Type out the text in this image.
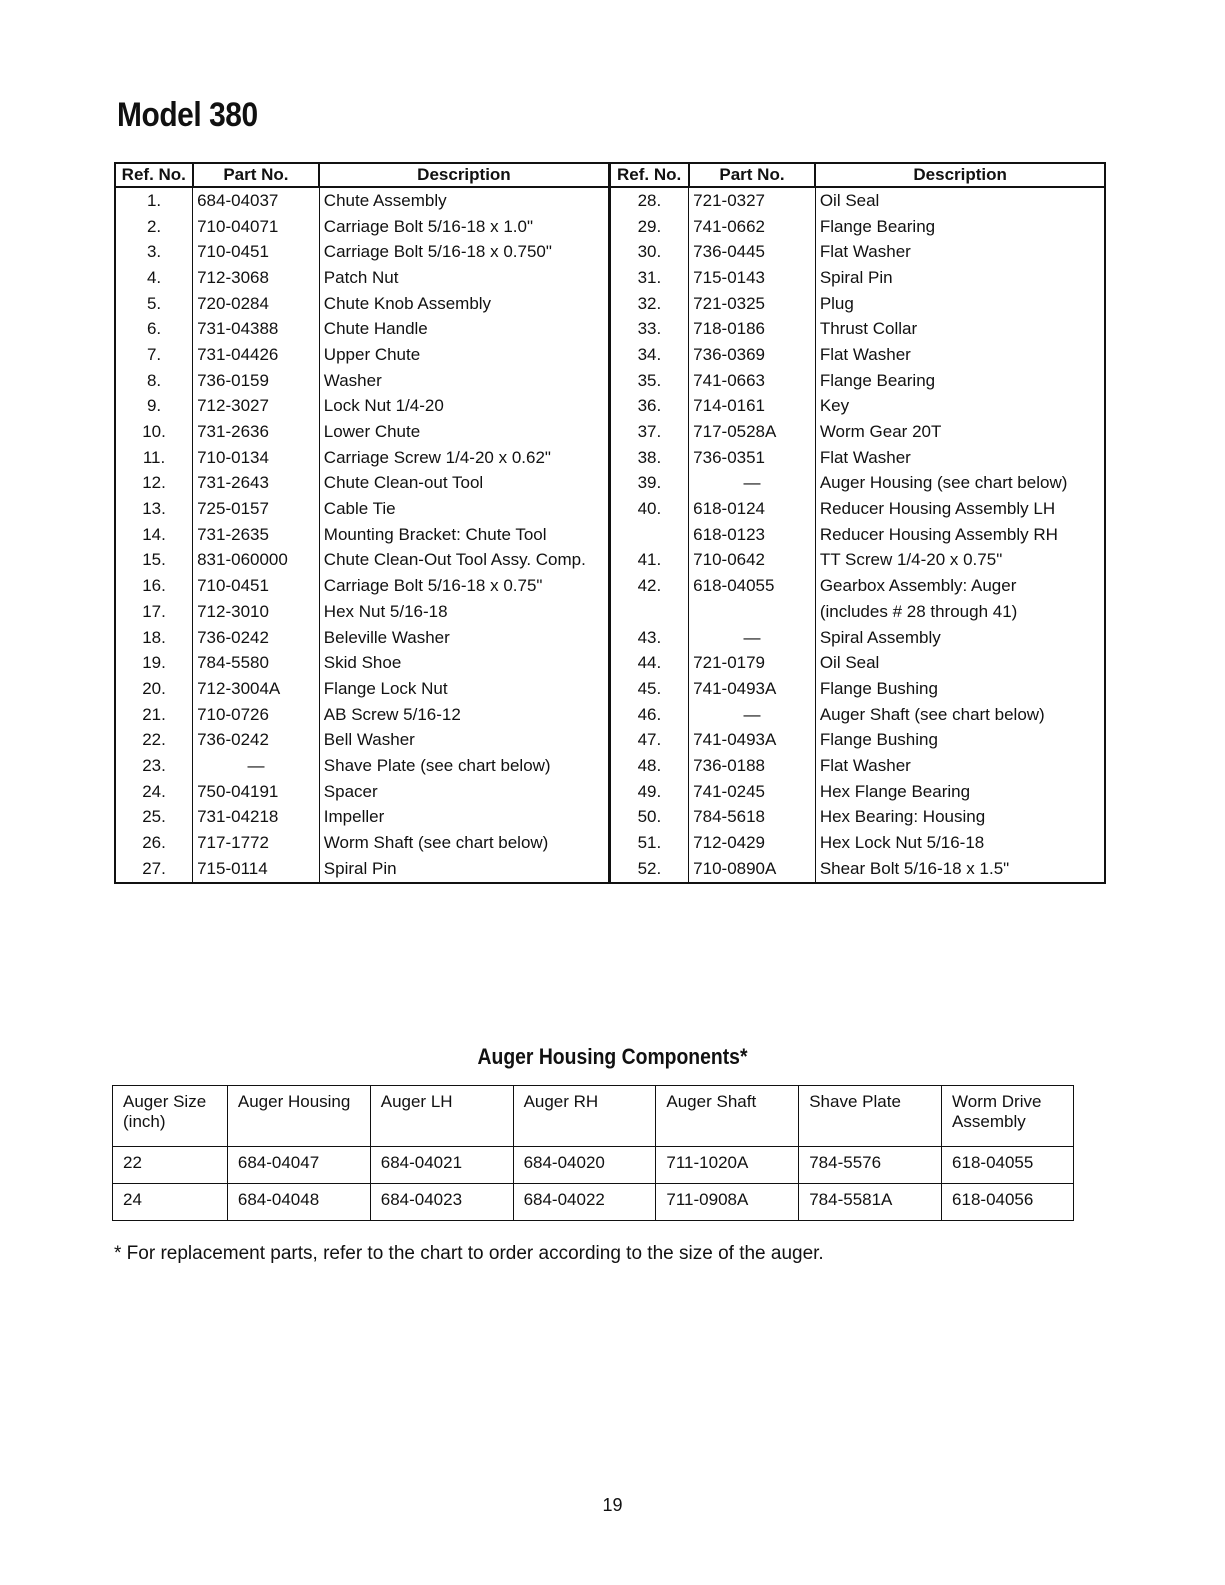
Model 380
Ref. No.	Part No.	Description	Ref. No.	Part No.	Description
1.	684-04037	Chute Assembly	28.	721-0327	Oil Seal
2.	710-04071	Carriage Bolt 5/16-18 x 1.0"	29.	741-0662	Flange Bearing
3.	710-0451	Carriage Bolt 5/16-18 x 0.750"	30.	736-0445	Flat Washer
4.	712-3068	Patch Nut	31.	715-0143	Spiral Pin
5.	720-0284	Chute Knob Assembly	32.	721-0325	Plug
6.	731-04388	Chute Handle	33.	718-0186	Thrust Collar
7.	731-04426	Upper Chute	34.	736-0369	Flat Washer
8.	736-0159	Washer	35.	741-0663	Flange Bearing
9.	712-3027	Lock Nut 1/4-20	36.	714-0161	Key
10.	731-2636	Lower Chute	37.	717-0528A	Worm Gear 20T
11.	710-0134	Carriage Screw 1/4-20 x 0.62"	38.	736-0351	Flat Washer
12.	731-2643	Chute Clean-out Tool	39.	—	Auger Housing (see chart below)
13.	725-0157	Cable Tie	40.	618-0124	Reducer Housing Assembly LH
14.	731-2635	Mounting Bracket: Chute Tool		618-0123	Reducer Housing Assembly RH
15.	831-060000	Chute Clean-Out Tool Assy. Comp.	41.	710-0642	TT Screw 1/4-20 x 0.75"
16.	710-0451	Carriage Bolt 5/16-18 x 0.75"	42.	618-04055	Gearbox Assembly: Auger
17.	712-3010	Hex Nut 5/16-18			(includes # 28 through 41)
18.	736-0242	Beleville Washer	43.	—	Spiral Assembly
19.	784-5580	Skid Shoe	44.	721-0179	Oil Seal
20.	712-3004A	Flange Lock Nut	45.	741-0493A	Flange Bushing
21.	710-0726	AB Screw 5/16-12	46.	—	Auger Shaft (see chart below)
22.	736-0242	Bell Washer	47.	741-0493A	Flange Bushing
23.	—	Shave Plate (see chart below)	48.	736-0188	Flat Washer
24.	750-04191	Spacer	49.	741-0245	Hex Flange Bearing
25.	731-04218	Impeller	50.	784-5618	Hex Bearing: Housing
26.	717-1772	Worm Shaft (see chart below)	51.	712-0429	Hex Lock Nut 5/16-18
27.	715-0114	Spiral Pin	52.	710-0890A	Shear Bolt 5/16-18 x 1.5"
Auger Housing Components*
Auger Size (inch)	Auger Housing	Auger LH	Auger RH	Auger Shaft	Shave Plate	Worm Drive Assembly
22	684-04047	684-04021	684-04020	711-1020A	784-5576	618-04055
24	684-04048	684-04023	684-04022	711-0908A	784-5581A	618-04056
* For replacement parts, refer to the chart to order according to the size of the auger.
19
